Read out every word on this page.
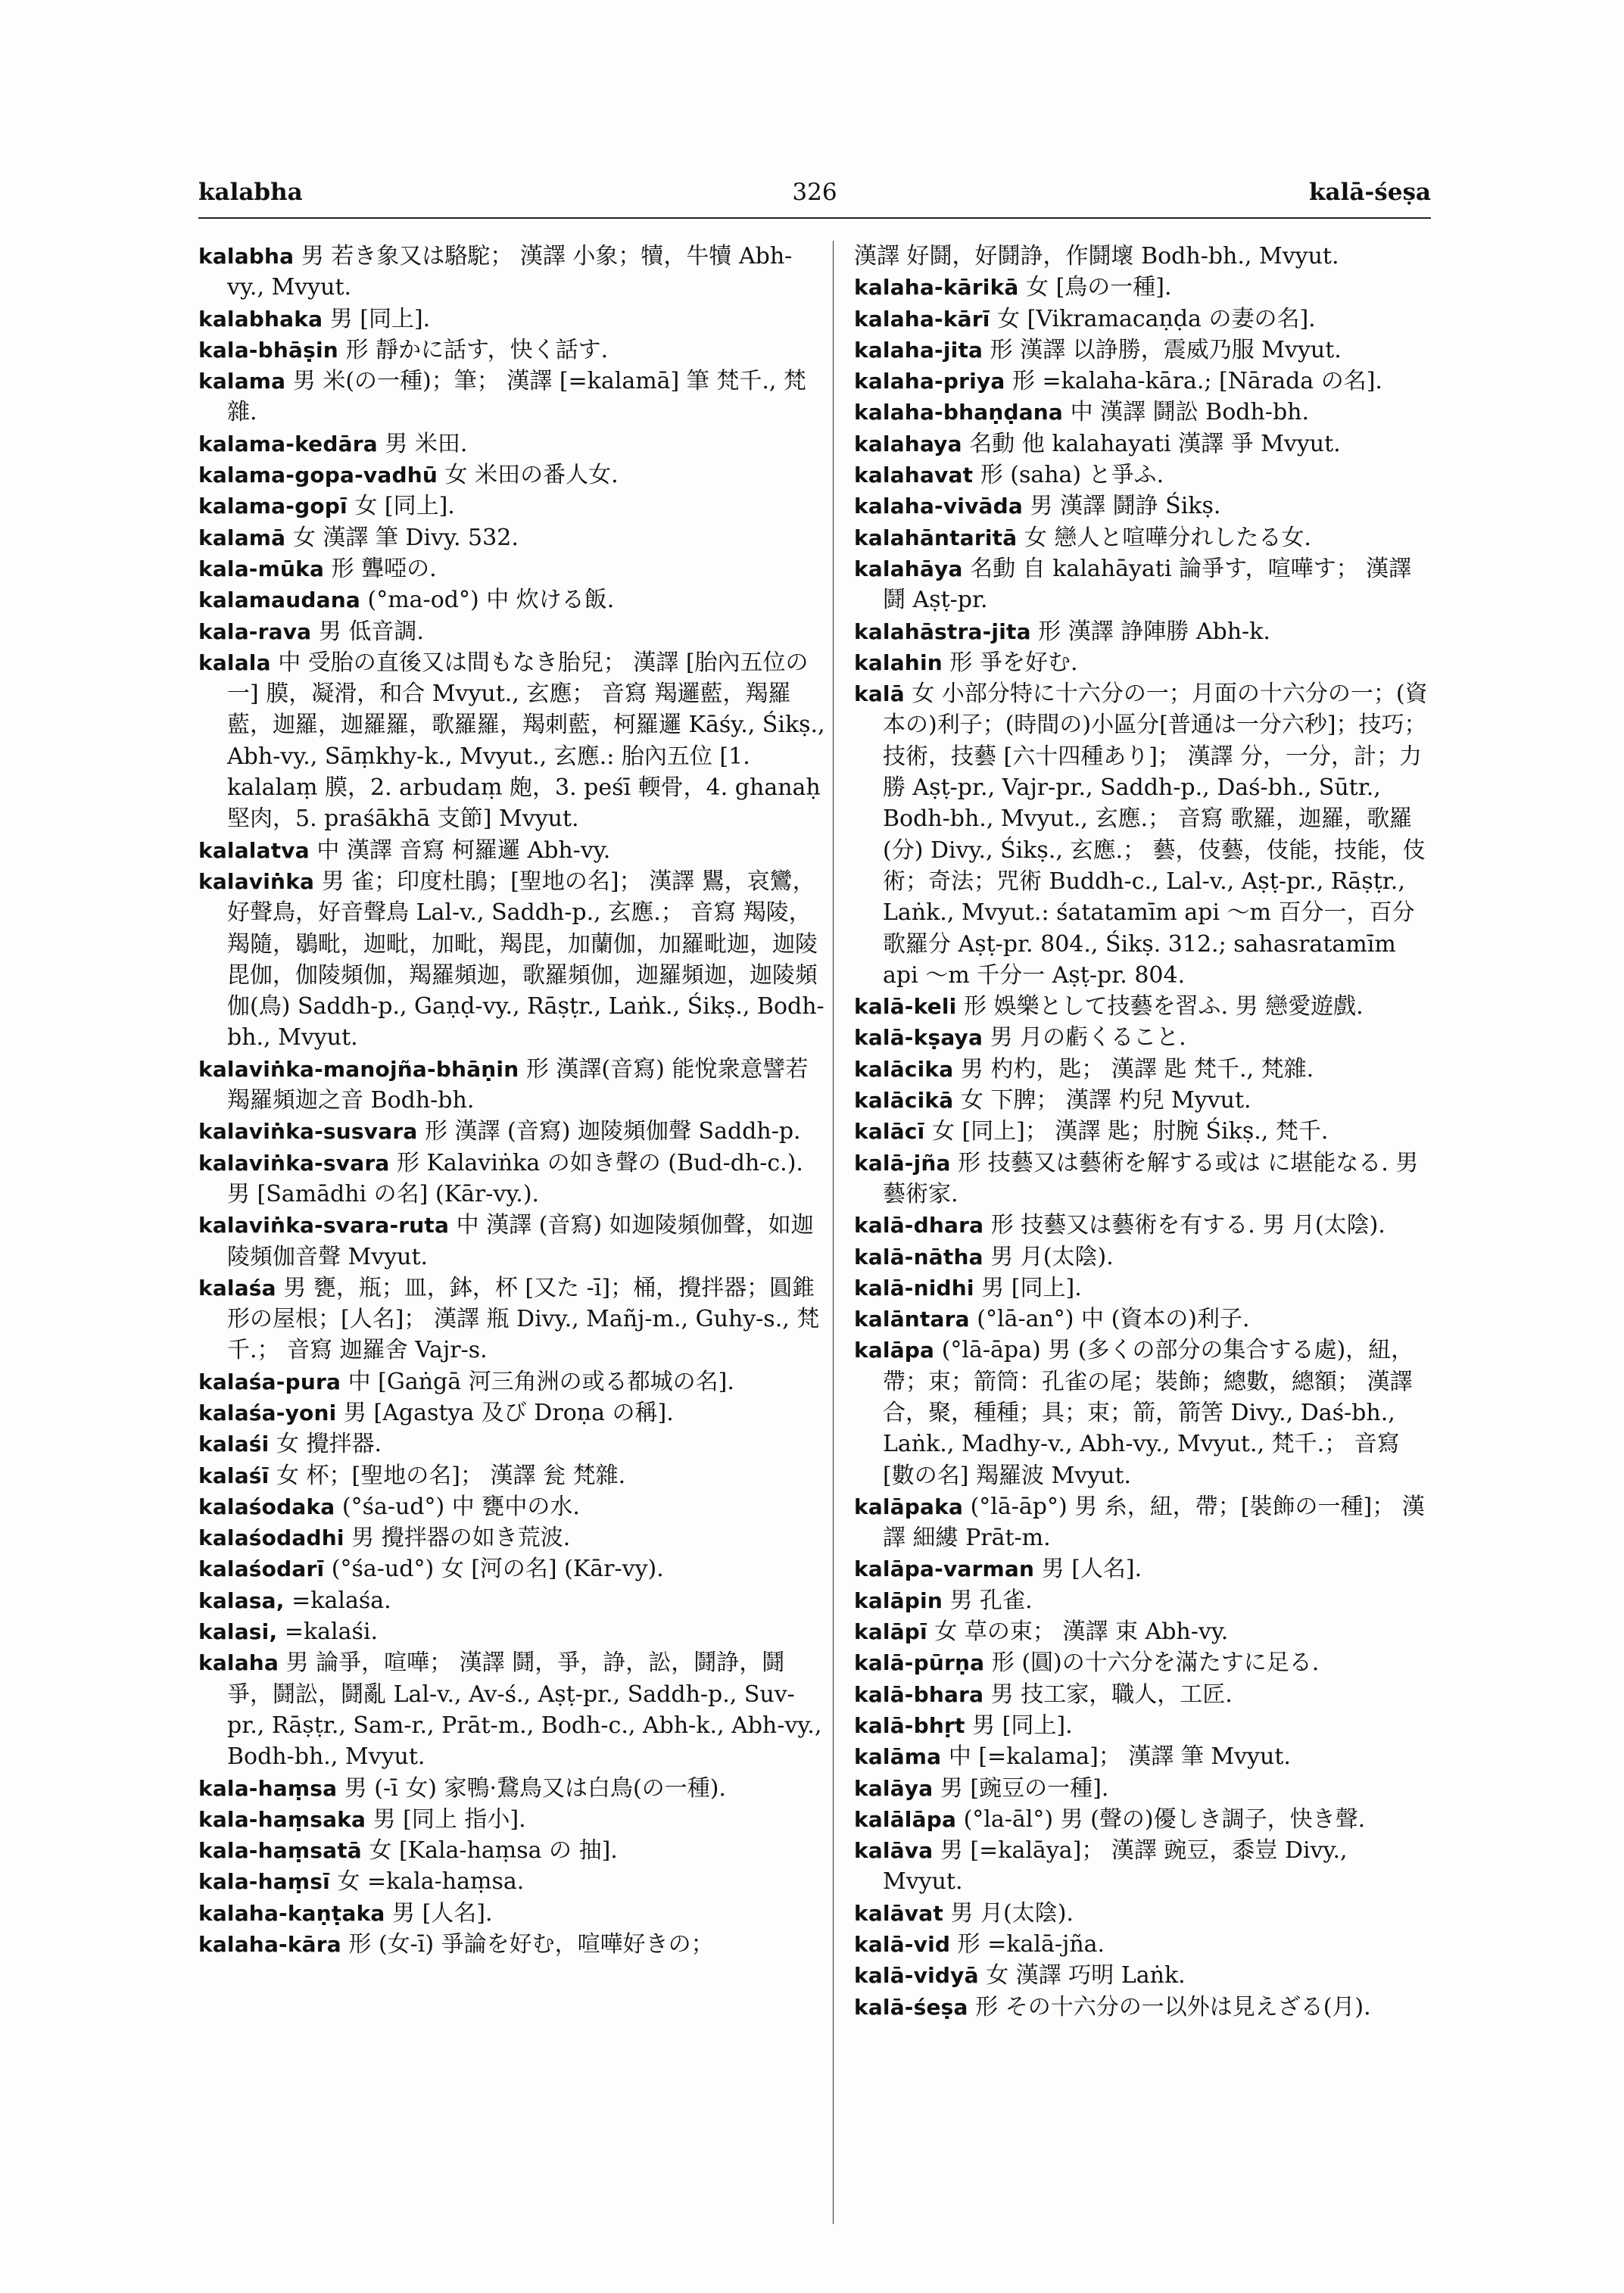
kalabha	326	kalā-śeṣa
kalabha 男 若き象又は駱駝； 漢譯 小象；犢，牛犢 Abh-vy., Mvyut.
kalabhaka 男 [同上].
kala-bhāṣin 形 靜かに話す，快く話す.
kalama 男 米(の一種)；筆； 漢譯 [=kalamā] 筆 梵千., 梵雜.
kalama-kedāra 男 米田.
kalama-gopa-vadhū 女 米田の番人女.
kalama-gopī 女 [同上].
kalamā 女 漢譯 筆 Divy. 532.
kala-mūka 形 聾啞の.
kalamaudana (°ma-od°) 中 炊ける飯.
kala-rava 男 低音調.
kalala 中 受胎の直後又は間もなき胎兒； 漢譯 [胎內五位の一] 膜，凝滑，和合 Mvyut., 玄應； 音寫 羯邏藍，羯羅藍，迦羅，迦羅羅，歌羅羅，羯刺藍，柯羅邏 Kāśy., Śikṣ., Abh-vy., Sāṃkhy-k., Mvyut., 玄應.: 胎內五位 [1. kalalaṃ 膜，2. arbudaṃ 皰，3. peśī 輭骨，4. ghanaḥ 堅肉，5. praśākhā 支節] Mvyut.
kalalatva 中 漢譯 音寫 柯羅邏 Abh-vy.
kalaviṅka 男 雀；印度杜鵑；[聖地の名]； 漢譯 鸎，哀鸞，好聲鳥，好音聲鳥 Lal-v., Saddh-p., 玄應.； 音寫 羯陵，羯隨，鶡毗，迦毗，加毗，羯毘，加蘭伽，加羅毗迦，迦陵毘伽，伽陵頻伽，羯羅頻迦，歌羅頻伽，迦羅頻迦，迦陵頻伽(鳥) Saddh-p., Gaṇḍ-vy., Rāṣṭr., Laṅk., Śikṣ., Bodh-bh., Mvyut.
kalaviṅka-manojña-bhāṇin 形 漢譯(音寫) 能悅衆意譬若羯羅頻迦之音 Bodh-bh.
kalaviṅka-susvara 形 漢譯 (音寫) 迦陵頻伽聲 Saddh-p.
kalaviṅka-svara 形 Kalaviṅka の如き聲の (Bud-dh-c.). 男 [Samādhi の名] (Kār-vy.).
kalaviṅka-svara-ruta 中 漢譯 (音寫) 如迦陵頻伽聲，如迦陵頻伽音聲 Mvyut.
kalaśa 男 甕，瓶；皿，鉢，杯 [又た -ī]；桶，攪拌器；圓錐形の屋根；[人名]； 漢譯 瓶 Divy., Mañj-m., Guhy-s., 梵千.； 音寫 迦羅舍 Vajr-s.
kalaśa-pura 中 [Gaṅgā 河三角洲の或る都城の名].
kalaśa-yoni 男 [Agastya 及び Droṇa の稱].
kalaśi 女 攪拌器.
kalaśī 女 杯；[聖地の名]； 漢譯 瓮 梵雜.
kalaśodaka (°śa-ud°) 中 甕中の水.
kalaśodadhi 男 攪拌器の如き荒波.
kalaśodarī (°śa-ud°) 女 [河の名] (Kār-vy).
kalasa, =kalaśa.
kalasi, =kalaśi.
kalaha 男 論爭，喧嘩； 漢譯 鬪，爭，諍，訟，鬪諍，鬪爭，鬪訟，鬪亂 Lal-v., Av-ś., Aṣṭ-pr., Saddh-p., Suv-pr., Rāṣṭr., Sam-r., Prāt-m., Bodh-c., Abh-k., Abh-vy., Bodh-bh., Mvyut.
kala-haṃsa 男 (-ī 女) 家鴨·鵞鳥又は白鳥(の一種).
kala-haṃsaka 男 [同上 指小].
kala-haṃsatā 女 [Kala-haṃsa の 抽].
kala-haṃsī 女 =kala-haṃsa.
kalaha-kaṇṭaka 男 [人名].
kalaha-kāra 形 (女-ī) 爭論を好む，喧嘩好きの；
漢譯 好鬪，好鬪諍，作鬪壞 Bodh-bh., Mvyut.
kalaha-kārikā 女 [鳥の一種].
kalaha-kārī 女 [Vikramacaṇḍa の妻の名].
kalaha-jita 形 漢譯 以諍勝，震威乃服 Mvyut.
kalaha-priya 形 =kalaha-kāra.; [Nārada の名].
kalaha-bhaṇḍana 中 漢譯 鬪訟 Bodh-bh.
kalahaya 名動 他 kalahayati 漢譯 爭 Mvyut.
kalahavat 形 (saha) と爭ふ.
kalaha-vivāda 男 漢譯 鬪諍 Śikṣ.
kalahāntaritā 女 戀人と喧嘩分れしたる女.
kalahāya 名動 自 kalahāyati 論爭す，喧嘩す； 漢譯 鬪 Aṣṭ-pr.
kalahāstra-jita 形 漢譯 諍陣勝 Abh-k.
kalahin 形 爭を好む.
kalā 女 小部分特に十六分の一；月面の十六分の一；(資本の)利子；(時間の)小區分[普通は一分六秒]；技巧；技術，技藝 [六十四種あり]； 漢譯 分，一分，計；力勝 Aṣṭ-pr., Vajr-pr., Saddh-p., Daś-bh., Sūtr., Bodh-bh., Mvyut., 玄應.； 音寫 歌羅，迦羅，歌羅(分) Divy., Śikṣ., 玄應.； 藝，伎藝，伎能，技能，伎術；奇法；咒術 Buddh-c., Lal-v., Aṣṭ-pr., Rāṣṭr., Laṅk., Mvyut.: śatatamīm api ～m 百分一，百分歌羅分 Aṣṭ-pr. 804., Śikṣ. 312.; sahasratamīm api ～m 千分一 Aṣṭ-pr. 804.
kalā-keli 形 娛樂として技藝を習ふ. 男 戀愛遊戲.
kalā-kṣaya 男 月の虧くること.
kalācika 男 杓杓，匙； 漢譯 匙 梵千., 梵雜.
kalācikā 女 下脾； 漢譯 杓兒 Myvut.
kalācī 女 [同上]； 漢譯 匙；肘腕 Śikṣ., 梵千.
kalā-jña 形 技藝又は藝術を解する或は に堪能なる. 男 藝術家.
kalā-dhara 形 技藝又は藝術を有する. 男 月(太陰).
kalā-nātha 男 月(太陰).
kalā-nidhi 男 [同上].
kalāntara (°lā-an°) 中 (資本の)利子.
kalāpa (°lā-āpa) 男 (多くの部分の集合する處)，紐，帶；束；箭筒：孔雀の尾；裝飾；總數，總額； 漢譯 合，聚，種種；具；束；箭，箭筈 Divy., Daś-bh., Laṅk., Madhy-v., Abh-vy., Mvyut., 梵千.； 音寫 [數の名] 羯羅波 Mvyut.
kalāpaka (°lā-āp°) 男 糸，紐，帶；[裝飾の一種]； 漢譯 細縷 Prāt-m.
kalāpa-varman 男 [人名].
kalāpin 男 孔雀.
kalāpī 女 草の束； 漢譯 束 Abh-vy.
kalā-pūrṇa 形 (圓)の十六分を滿たすに足る.
kalā-bhara 男 技工家，職人，工匠.
kalā-bhṛt 男 [同上].
kalāma 中 [=kalama]； 漢譯 筆 Mvyut.
kalāya 男 [豌豆の一種].
kalālāpa (°la-āl°) 男 (聲の)優しき調子，快き聲.
kalāva 男 [=kalāya]； 漢譯 豌豆，黍豈 Divy., Mvyut.
kalāvat 男 月(太陰).
kalā-vid 形 =kalā-jña.
kalā-vidyā 女 漢譯 巧明 Laṅk.
kalā-śeṣa 形 その十六分の一以外は見えざる(月).
